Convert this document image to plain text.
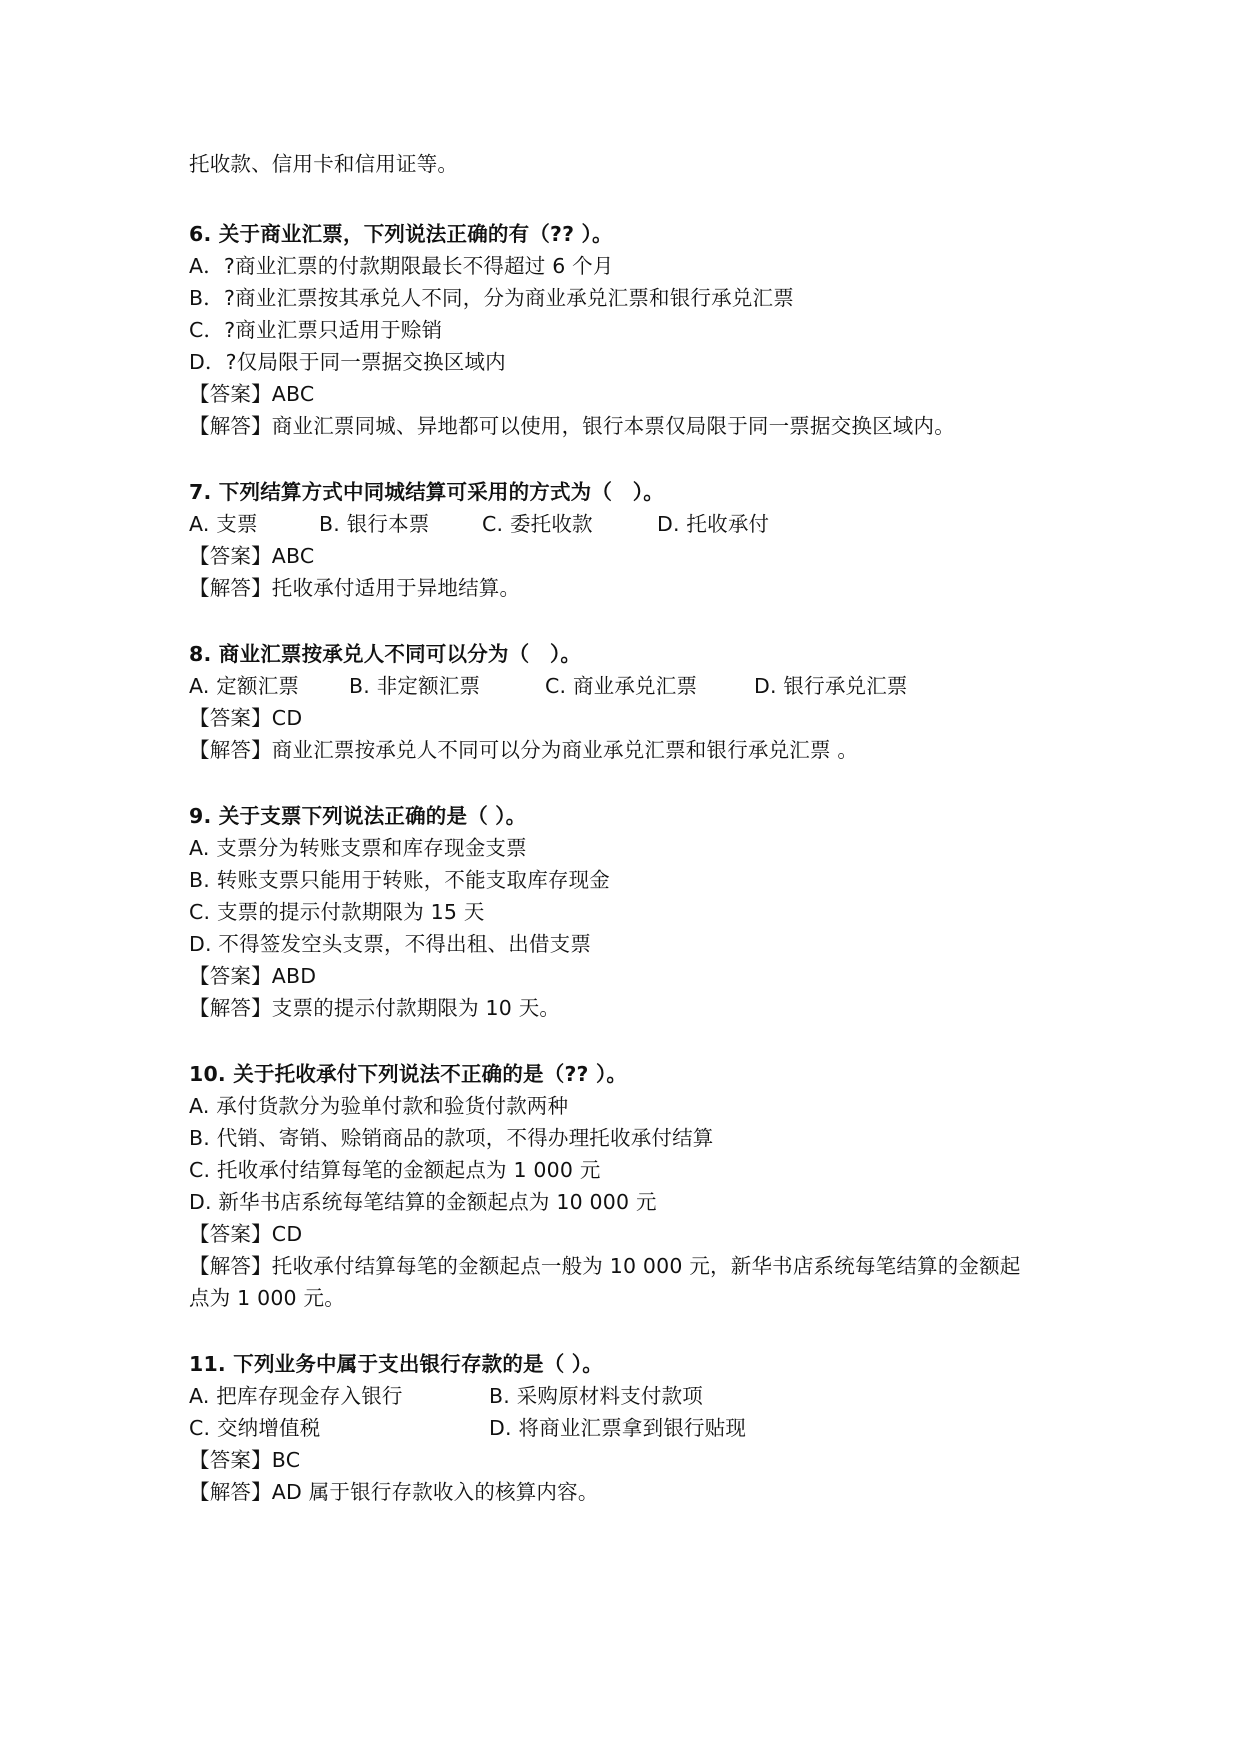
托收款、信用卡和信用证等。
6. 关于商业汇票，下列说法正确的有（?? ）。
A．?商业汇票的付款期限最长不得超过 6 个月
B．?商业汇票按其承兑人不同，分为商业承兑汇票和银行承兑汇票
C．?商业汇票只适用于赊销
D．?仅局限于同一票据交换区域内
【答案】ABC
【解答】商业汇票同城、异地都可以使用，银行本票仅局限于同一票据交换区域内。
7. 下列结算方式中同城结算可采用的方式为（　）。
A. 支票	B. 银行本票	C. 委托收款	D. 托收承付
【答案】ABC
【解答】托收承付适用于异地结算。
8. 商业汇票按承兑人不同可以分为（　）。
A. 定额汇票 B. 非定额汇票	C. 商业承兑汇票	D. 银行承兑汇票
【答案】CD
【解答】商业汇票按承兑人不同可以分为商业承兑汇票和银行承兑汇票 。
9. 关于支票下列说法正确的是（ ）。
A. 支票分为转账支票和库存现金支票
B. 转账支票只能用于转账，不能支取库存现金
C. 支票的提示付款期限为 15 天
D. 不得签发空头支票，不得出租、出借支票
【答案】ABD
【解答】支票的提示付款期限为 10 天。
10. 关于托收承付下列说法不正确的是（?? ）。
A. 承付货款分为验单付款和验货付款两种
B. 代销、寄销、赊销商品的款项，不得办理托收承付结算
C. 托收承付结算每笔的金额起点为 1 000 元
D. 新华书店系统每笔结算的金额起点为 10 000 元
【答案】CD
【解答】托收承付结算每笔的金额起点一般为 10 000 元，新华书店系统每笔结算的金额起
点为 1 000 元。
11. 下列业务中属于支出银行存款的是（ ）。
A. 把库存现金存入银行	B. 采购原材料支付款项
C. 交纳增值税	D. 将商业汇票拿到银行贴现
【答案】BC
【解答】AD 属于银行存款收入的核算内容。
